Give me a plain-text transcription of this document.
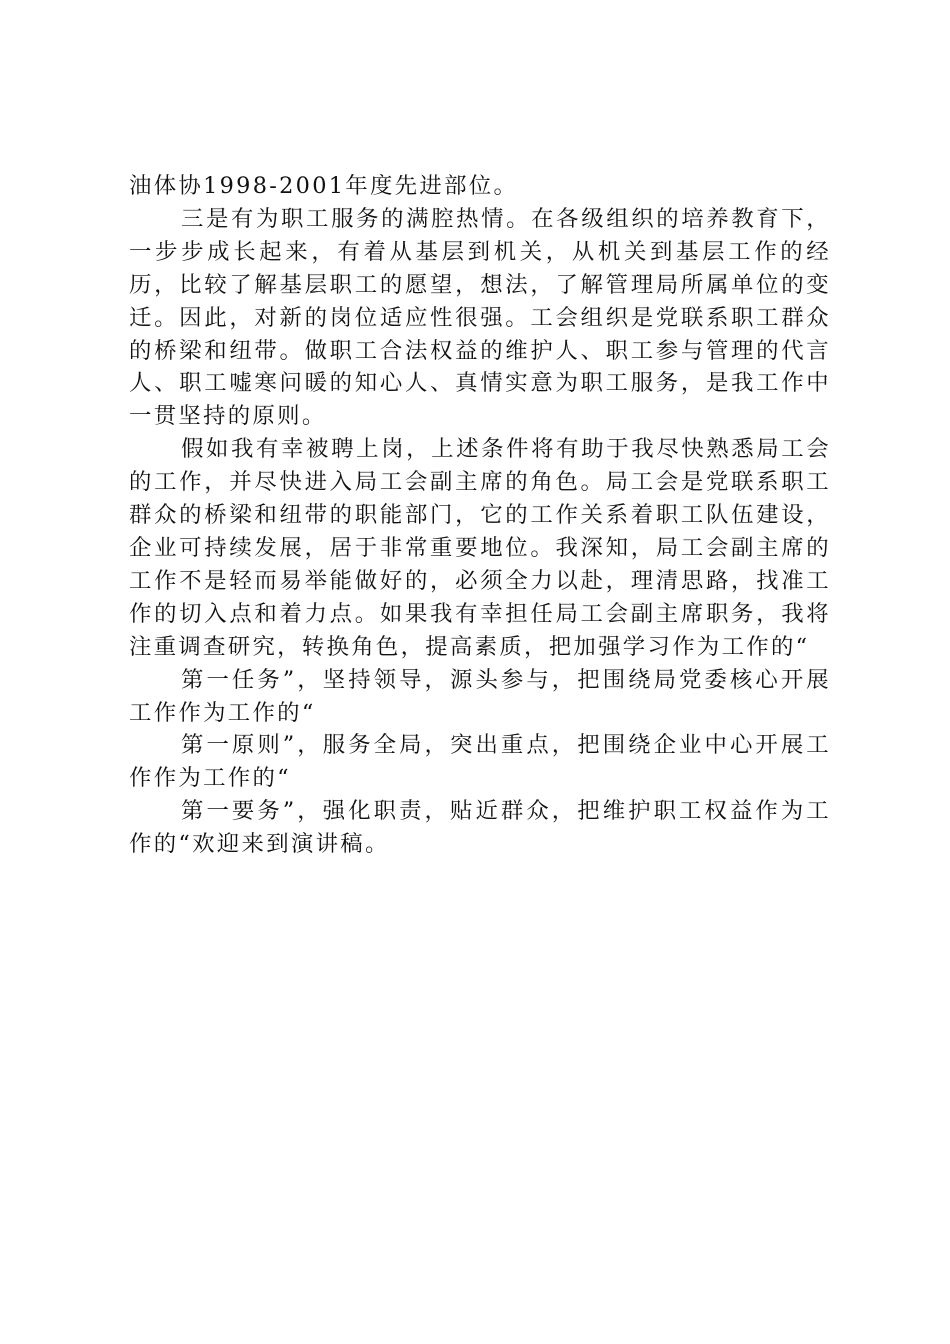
油体协1998-2001年度先进部位。

三是有为职工服务的满腔热情。在各级组织的培养教育下，一步步成长起来，有着从基层到机关，从机关到基层工作的经历，比较了解基层职工的愿望，想法，了解管理局所属单位的变迁。因此，对新的岗位适应性很强。工会组织是党联系职工群众的桥梁和纽带。做职工合法权益的维护人、职工参与管理的代言人、职工嘘寒问暖的知心人、真情实意为职工服务，是我工作中一贯坚持的原则。

假如我有幸被聘上岗，上述条件将有助于我尽快熟悉局工会的工作，并尽快进入局工会副主席的角色。局工会是党联系职工群众的桥梁和纽带的职能部门，它的工作关系着职工队伍建设，企业可持续发展，居于非常重要地位。我深知，局工会副主席的工作不是轻而易举能做好的，必须全力以赴，理清思路，找准工作的切入点和着力点。如果我有幸担任局工会副主席职务，我将注重调查研究，转换角色，提高素质，把加强学习作为工作的“

第一任务”，坚持领导，源头参与，把围绕局党委核心开展工作作为工作的“

第一原则”，服务全局，突出重点，把围绕企业中心开展工作作为工作的“

第一要务”，强化职责，贴近群众，把维护职工权益作为工作的“欢迎来到演讲稿。
